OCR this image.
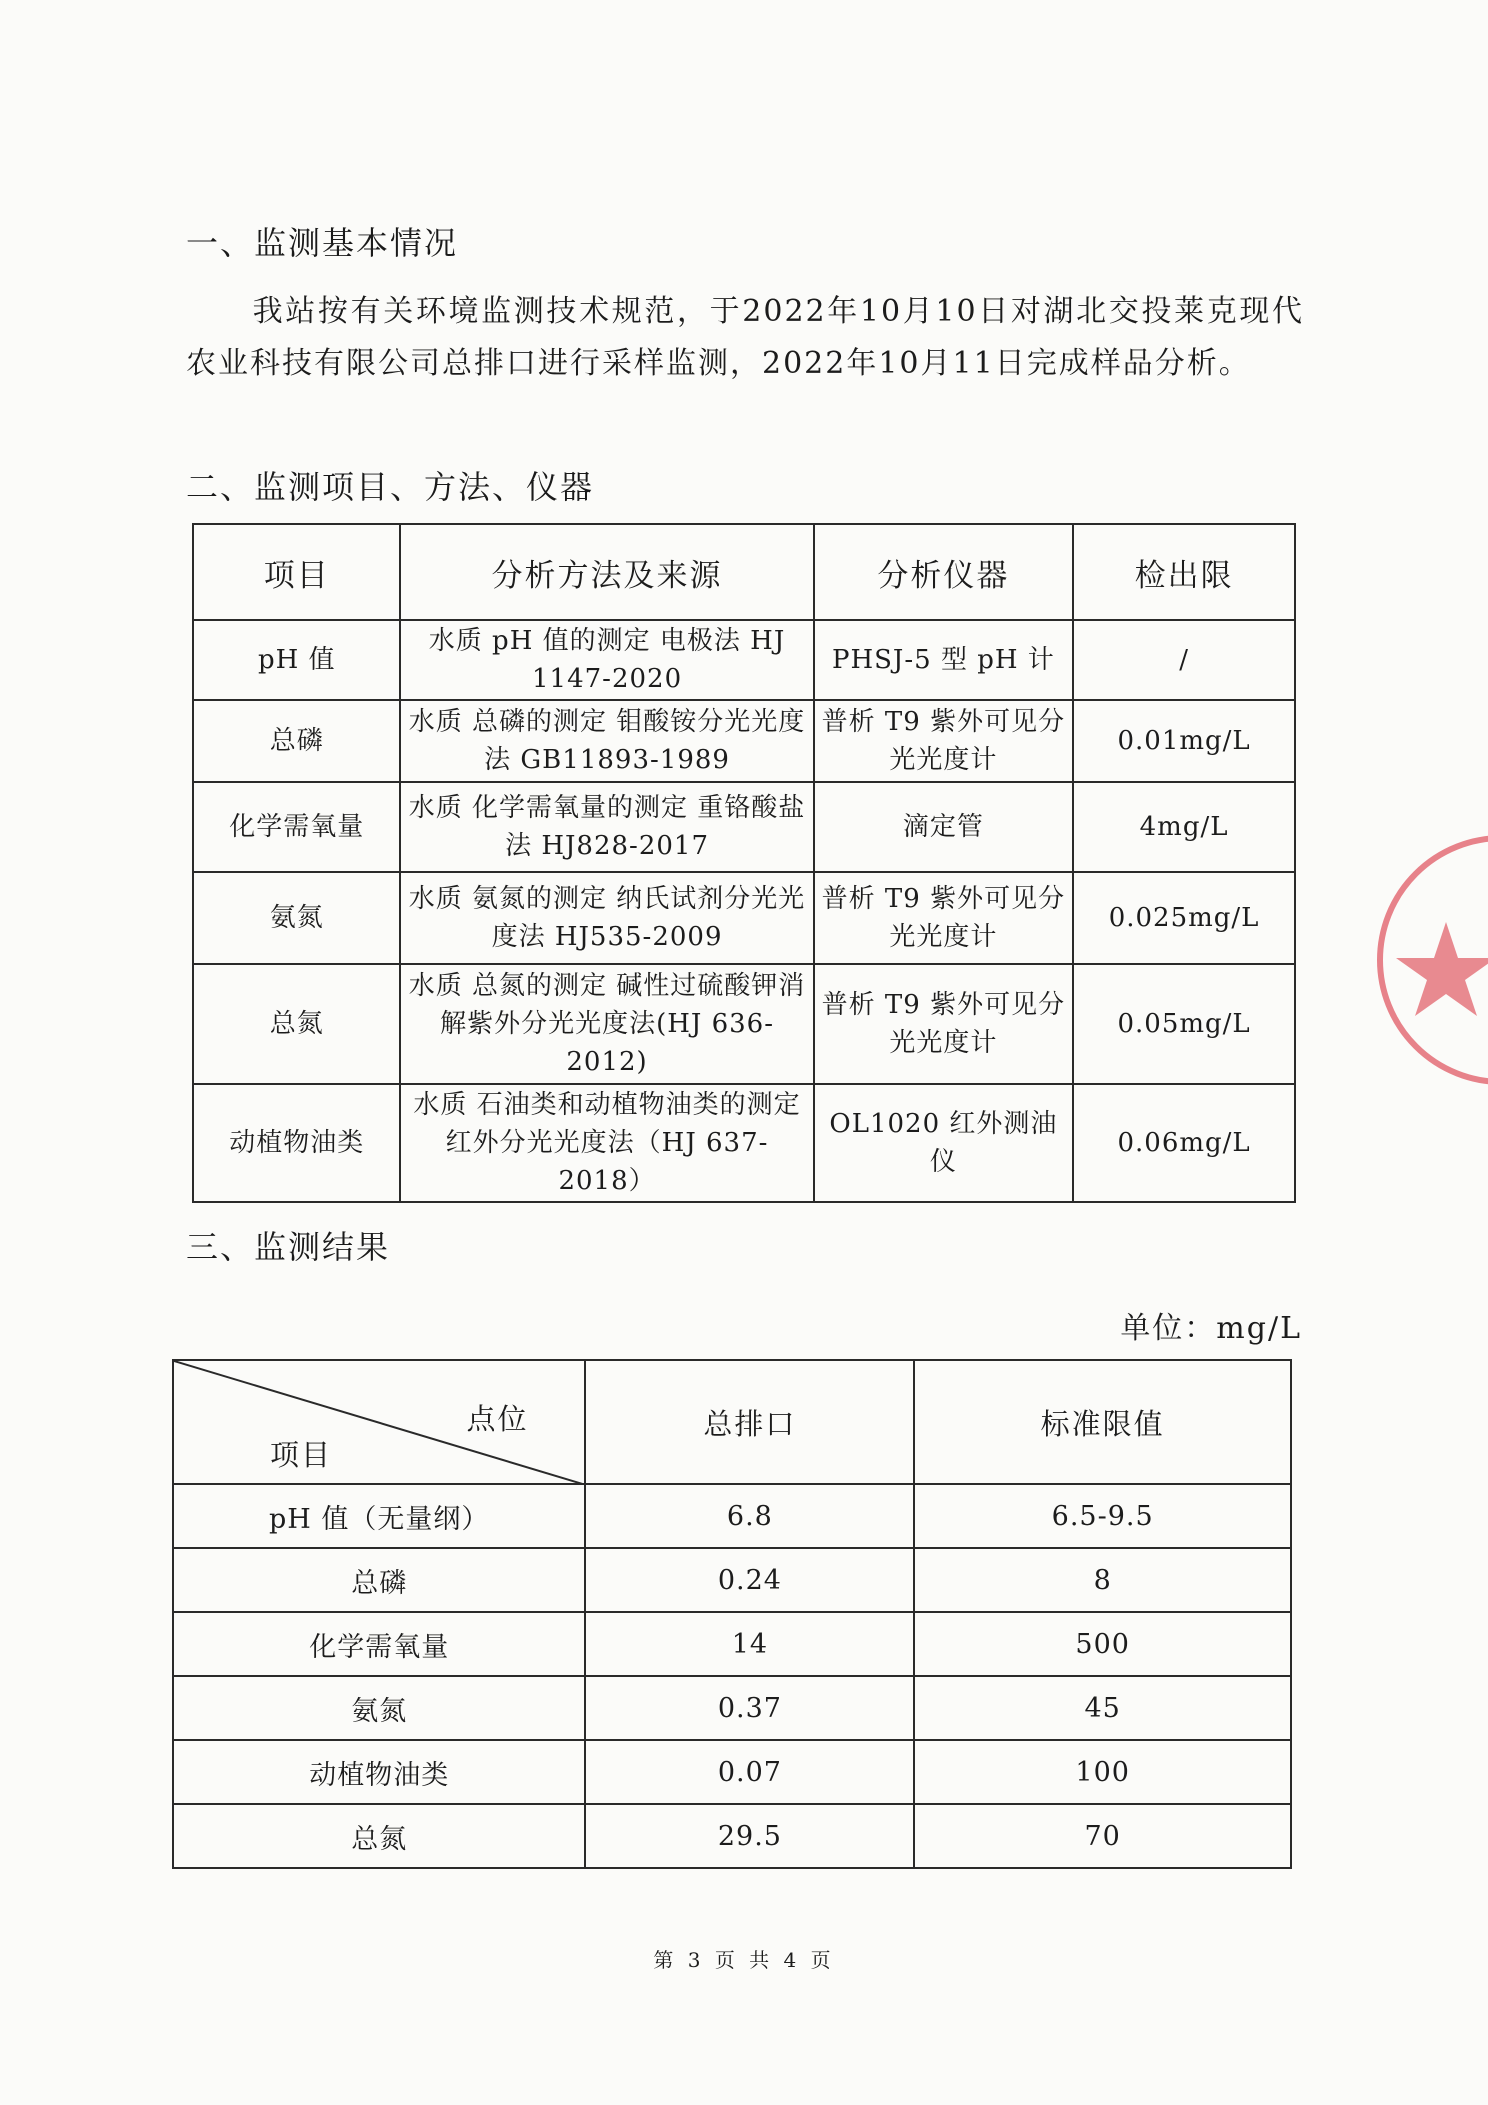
一、监测基本情况
我站按有关环境监测技术规范，于2022年10月10日对湖北交投莱克现代农业科技有限公司总排口进行采样监测，2022年10月11日完成样品分析。
二、监测项目、方法、仪器
项目	分析方法及来源	分析仪器	检出限
pH 值	水质 pH 值的测定 电极法 HJ 1147-2020	PHSJ-5 型 pH 计	/
总磷	水质 总磷的测定 钼酸铵分光光度法 GB11893-1989	普析 T9 紫外可见分光光度计	0.01mg/L
化学需氧量	水质 化学需氧量的测定 重铬酸盐法 HJ828-2017	滴定管	4mg/L
氨氮	水质 氨氮的测定 纳氏试剂分光光度法 HJ535-2009	普析 T9 紫外可见分光光度计	0.025mg/L
总氮	水质 总氮的测定 碱性过硫酸钾消解紫外分光光度法(HJ 636-2012)	普析 T9 紫外可见分光光度计	0.05mg/L
动植物油类	水质 石油类和动植物油类的测定 红外分光光度法（HJ 637-2018）	OL1020 红外测油仪	0.06mg/L
三、监测结果
单位：mg/L
点位
项目	总排口	标准限值
pH 值（无量纲）	6.8	6.5-9.5
总磷	0.24	8
化学需氧量	14	500
氨氮	0.37	45
动植物油类	0.07	100
总氮	29.5	70
第 3 页 共 4 页
